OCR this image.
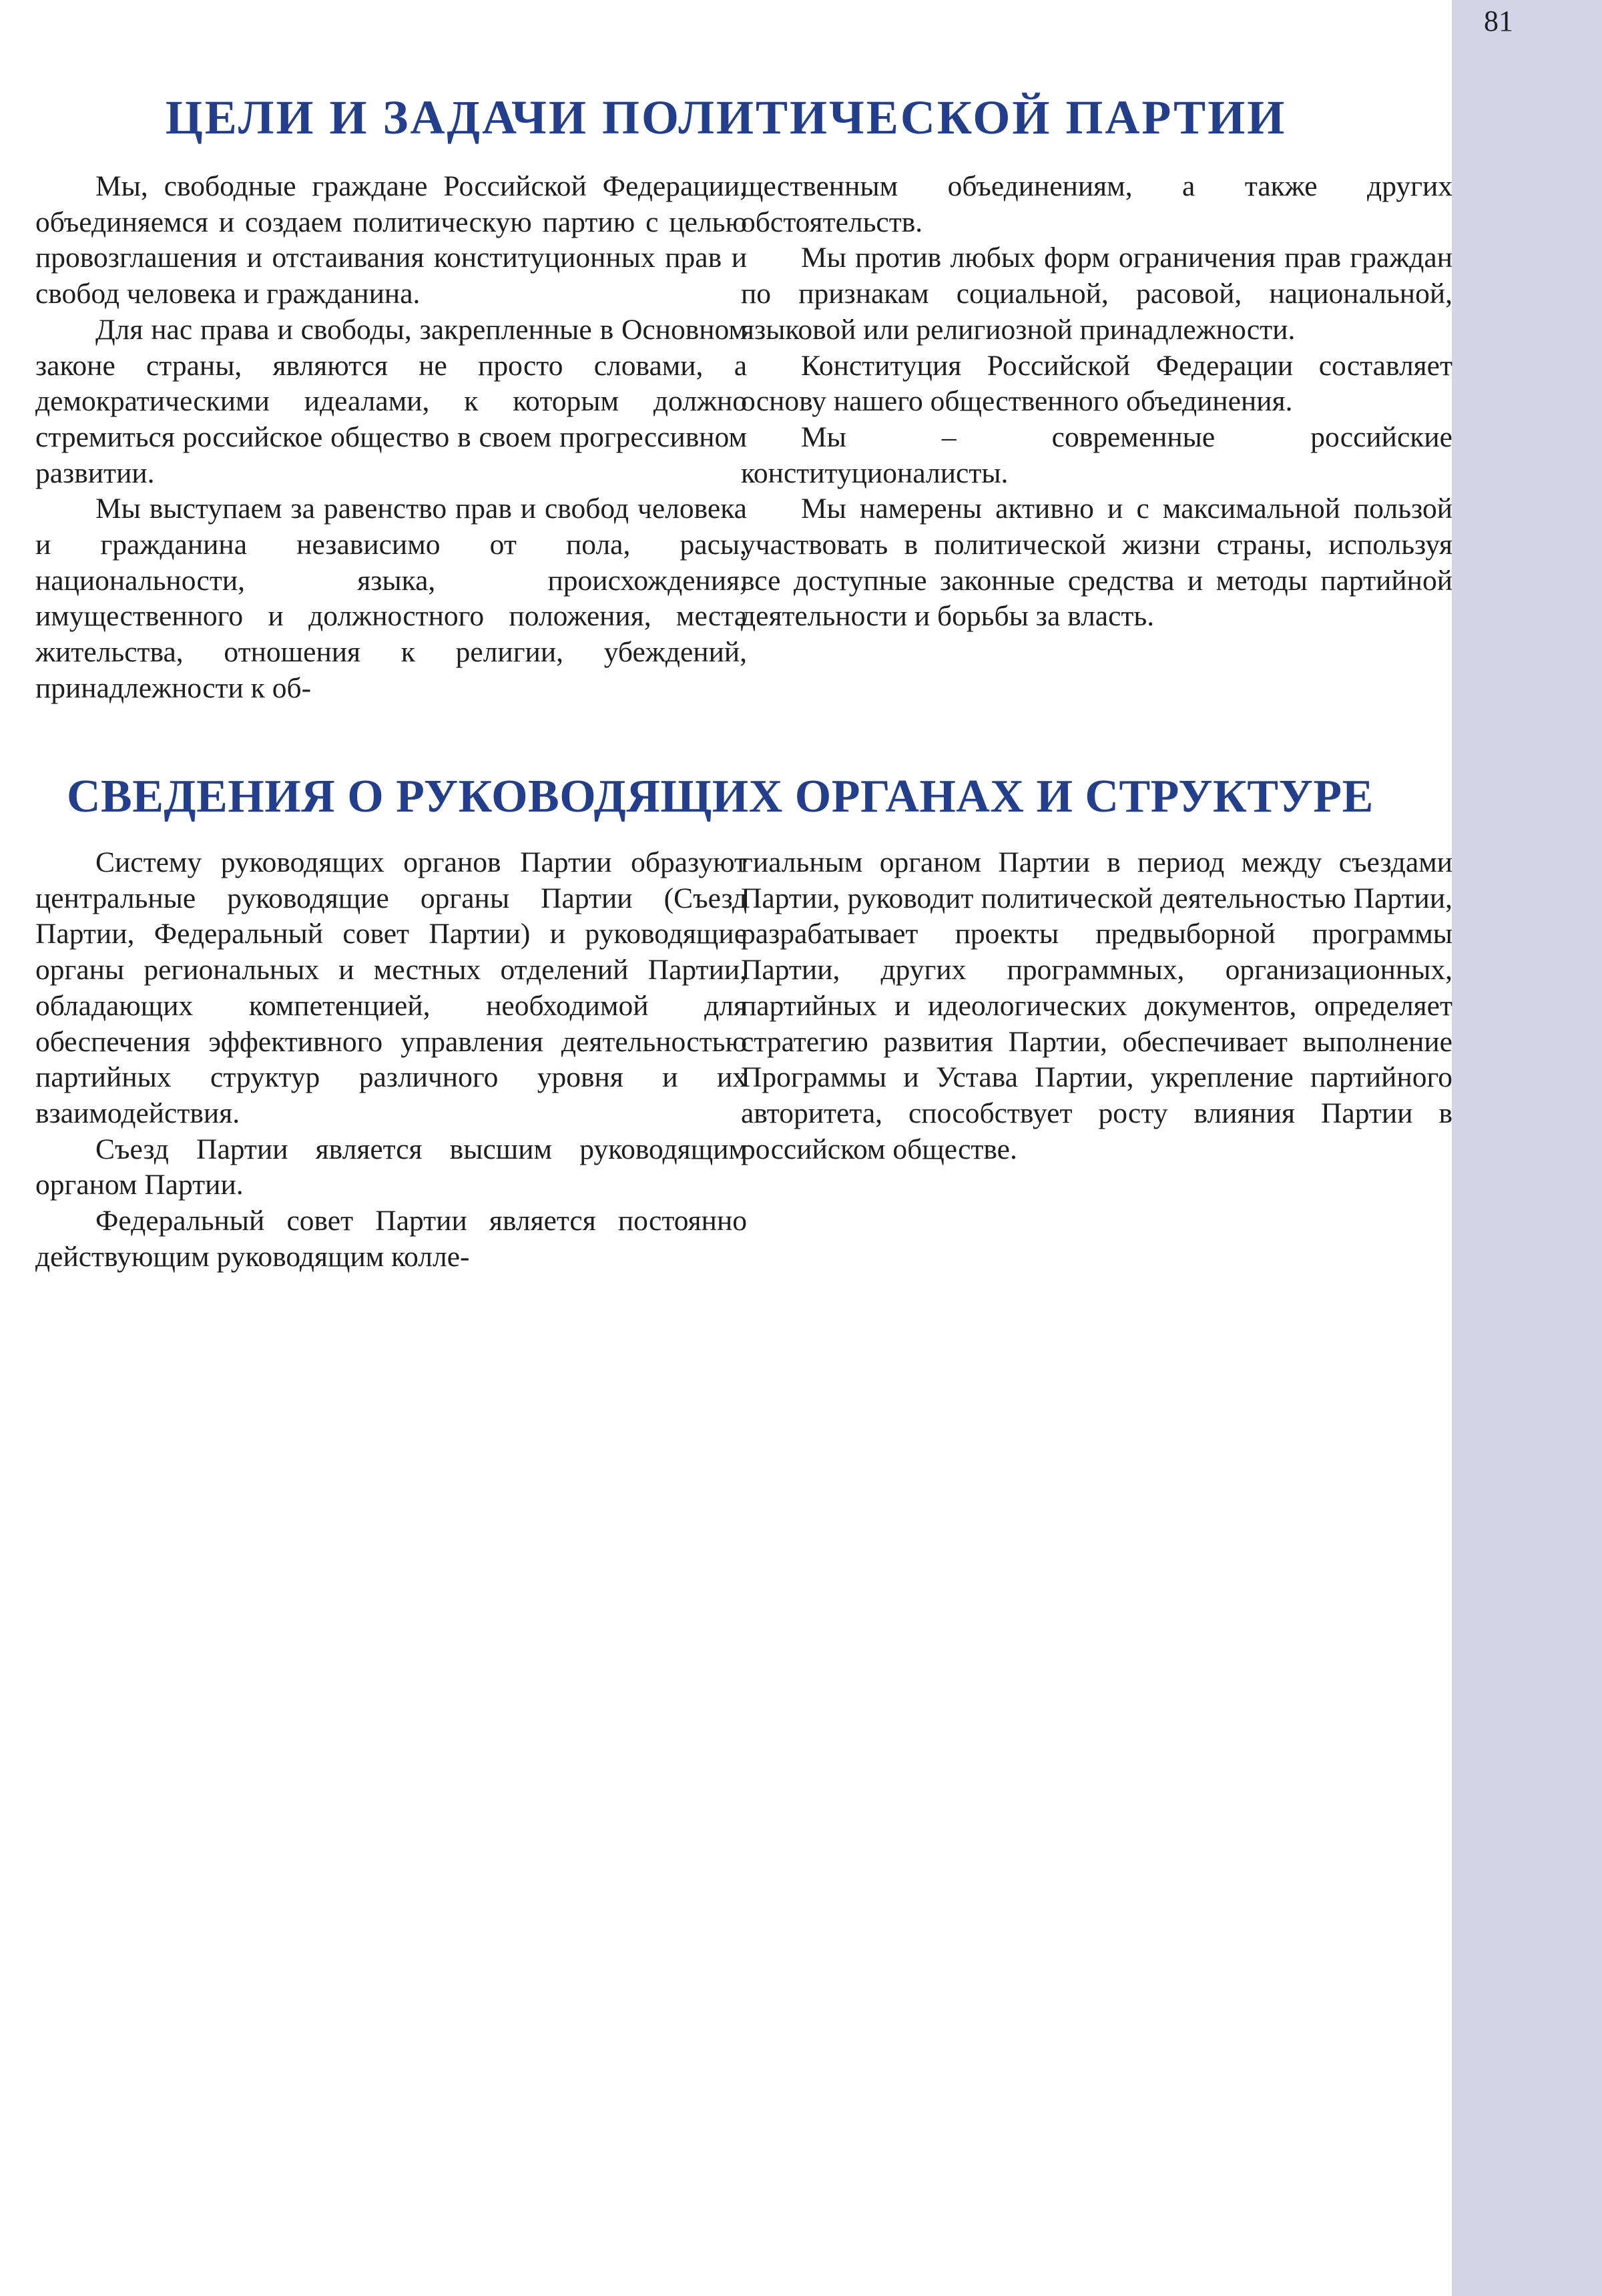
81
ЦЕЛИ И ЗАДАЧИ ПОЛИТИЧЕСКОЙ ПАРТИИ

Мы, свободные граждане Российской Федерации, объединяемся и создаем политическую партию с целью провозглашения и отстаивания конституционных прав и свобод человека и гражданина.

Для нас права и свободы, закрепленные в Основном законе страны, являются не просто словами, а демократическими идеалами, к которым должно стремиться российское общество в своем прогрессивном развитии.

Мы выступаем за равенство прав и свобод человека и гражданина независимо от пола, расы, национальности, языка, происхождения, имущественного и должностного положения, места жительства, отношения к религии, убеждений, принадлежности к об-

щественным объединениям, а также других обстоятельств.

Мы против любых форм ограничения прав граждан по признакам социальной, расовой, национальной, языковой или религиозной принадлежности.

Конституция Российской Федерации составляет основу нашего общественного объединения.

Мы – современные российские конституционалисты.

Мы намерены активно и с максимальной пользой участвовать в политической жизни страны, используя все доступные законные средства и методы партийной деятельности и борьбы за власть.

СВЕДЕНИЯ О РУКОВОДЯЩИХ ОРГАНАХ И СТРУКТУРЕ

Систему руководящих органов Партии образуют центральные руководящие органы Партии (Съезд Партии, Федеральный совет Партии) и руководящие органы региональных и местных отделений Партии, обладающих компетенцией, необходимой для обеспечения эффективного управления деятельностью партийных структур различного уровня и их взаимодействия.

Съезд Партии является высшим руководящим органом Партии.

Федеральный совет Партии является постоянно действующим руководящим колле-

гиальным органом Партии в период между съездами Партии, руководит политической деятельностью Партии, разрабатывает проекты предвыборной программы Партии, других программных, организационных, партийных и идеологических документов, определяет стратегию развития Партии, обеспечивает выполнение Программы и Устава Партии, укрепление партийного авторитета, способствует росту влияния Партии в российском обществе.
